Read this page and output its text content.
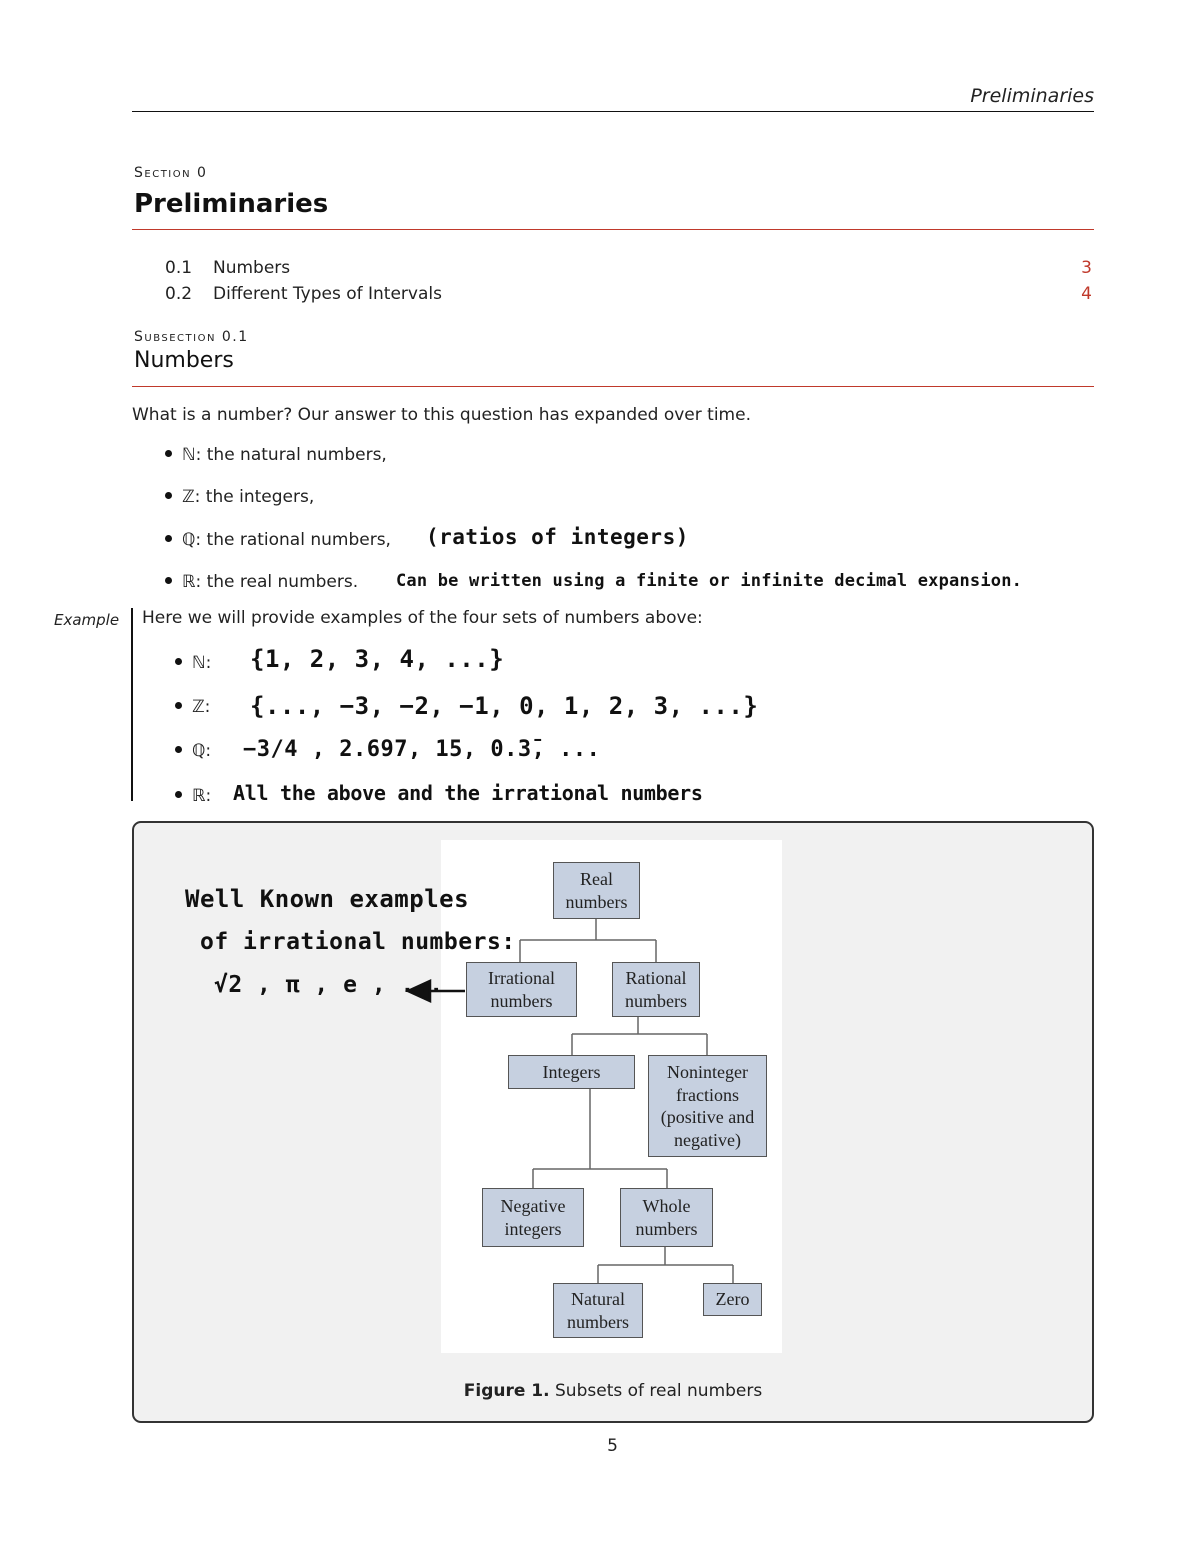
Preliminaries
Section 0
Preliminaries
0.1 Numbers	3
0.2 Different Types of Intervals	4
Subsection 0.1
Numbers
What is a number? Our answer to this question has expanded over time.
ℕ: the natural numbers,
ℤ: the integers,
ℚ: the rational numbers, (ratios of integers)
ℝ: the real numbers. Can be written using a finite or infinite decimal expansion.
Example Here we will provide examples of the four sets of numbers above:
ℕ: {1, 2, 3, 4, ...}
ℤ: {..., −3, −2, −1, 0, 1, 2, 3, ...}
ℚ: −3/4 , 2.697, 15, 0.3̄, ...
ℝ: All the above and the irrational numbers
Real
numbers
Irrational
numbers
Rational
numbers
Integers	Noninteger
fractions
(positive and
negative)
Negative
integers
Whole
numbers
Natural
numbers
Zero
Well Known examples
of irrational numbers:
√2 , π , e , ...
Figure 1. Subsets of real numbers
5
